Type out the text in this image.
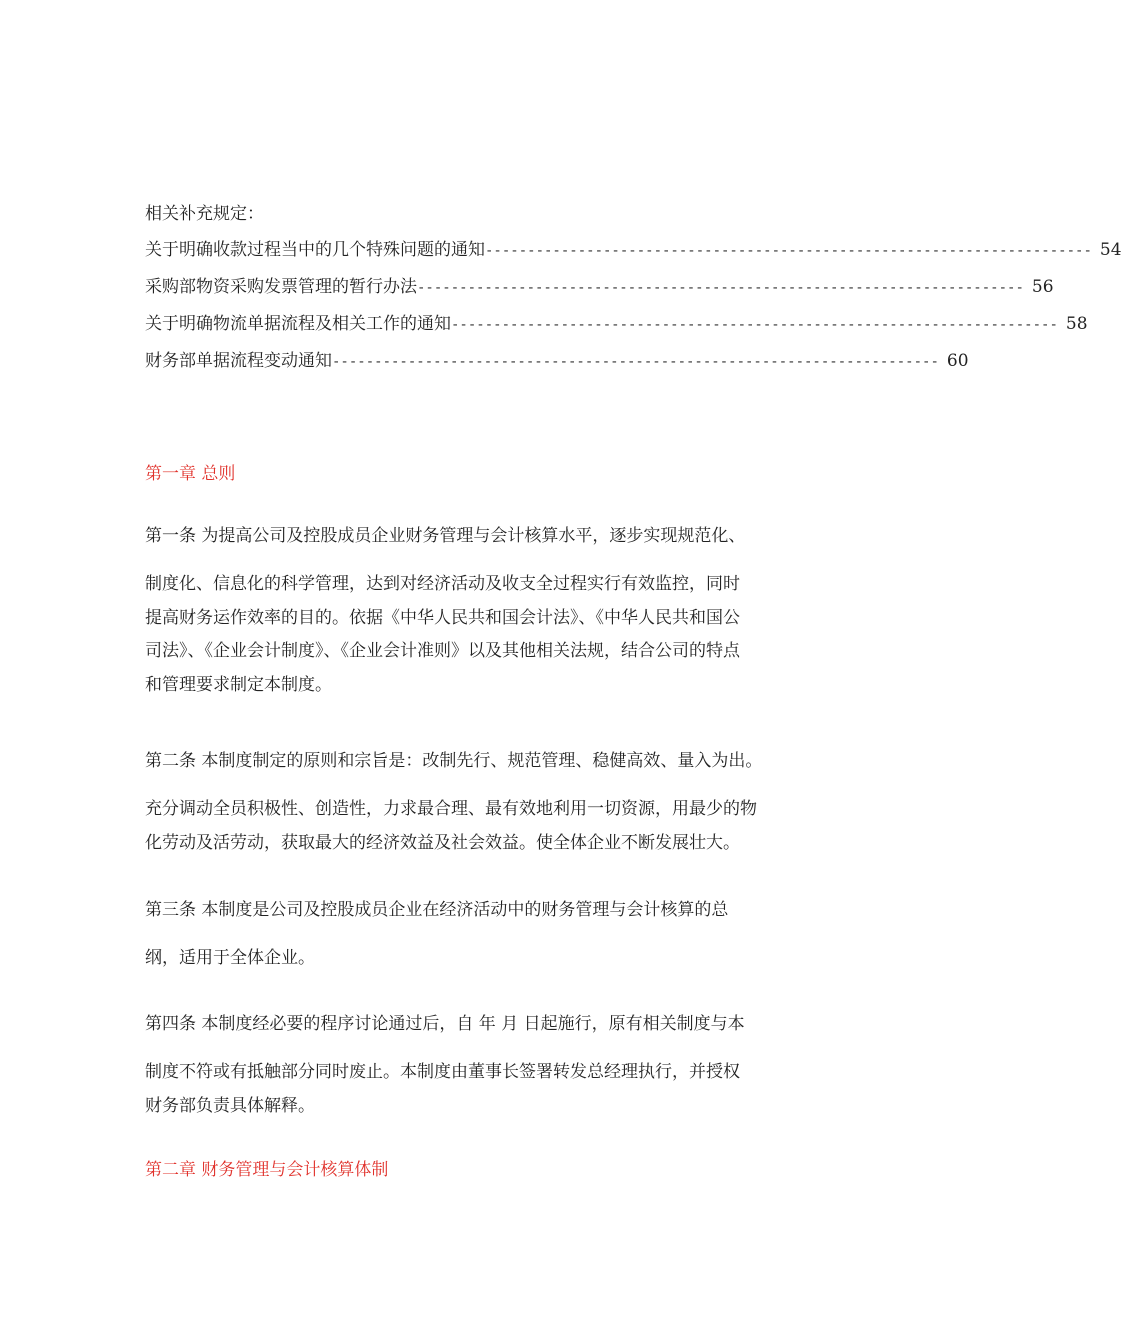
相关补充规定：
关于明确收款过程当中的几个特殊问题的通知 ------------------------------------------------------------------------ 54
采购部物资采购发票管理的暂行办法 ------------------------------------------------------------------------ 56
关于明确物流单据流程及相关工作的通知 ------------------------------------------------------------------------ 58
财务部单据流程变动通知 ------------------------------------------------------------------------ 60
第一章 总则
第一条 为提高公司及控股成员企业财务管理与会计核算水平，逐步实现规范化、
制度化、信息化的科学管理，达到对经济活动及收支全过程实行有效监控，同时
提高财务运作效率的目的。依据《中华人民共和国会计法》、《中华人民共和国公
司法》、《企业会计制度》、《企业会计准则》以及其他相关法规，结合公司的特点
和管理要求制定本制度。
第二条 本制度制定的原则和宗旨是：改制先行、规范管理、稳健高效、量入为出。
充分调动全员积极性、创造性，力求最合理、最有效地利用一切资源，用最少的物
化劳动及活劳动，获取最大的经济效益及社会效益。使全体企业不断发展壮大。
第三条 本制度是公司及控股成员企业在经济活动中的财务管理与会计核算的总
纲，适用于全体企业。
第四条 本制度经必要的程序讨论通过后，自 年 月 日起施行，原有相关制度与本
制度不符或有抵触部分同时废止。本制度由董事长签署转发总经理执行，并授权
财务部负责具体解释。
第二章 财务管理与会计核算体制
